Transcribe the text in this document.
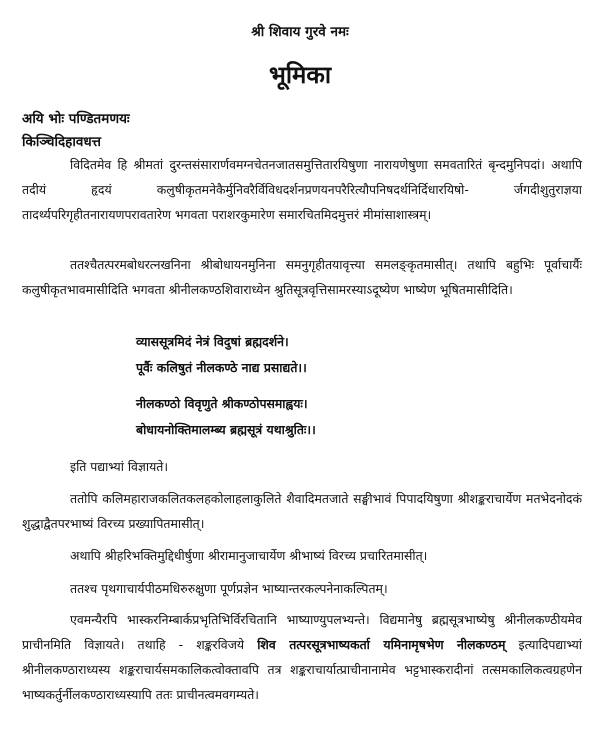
श्री शिवाय गुरवे नमः
भूमिका
अयि भोः पण्डितमणयः
किञ्चिदिहावधत्त

विदितमेव हि श्रीमतां दुरन्तसंसारार्णवमग्नचेतनजातसमुत्तितारयिषुणा नारायणेषुणा समवतारितं बृन्दमुनिपदां। अथापि तदीयं हृदयं कलुषीकृतमनेकैर्मुनिवरैर्विविधदर्शनप्रणयनपरैरित्यौपनिषदर्थनिर्दिधारयिषो- र्जगदीशुतुराज्ञया तादर्थ्यपरिगृहीतनारायणपरावतारेण भगवता पराशरकुमारेण समारचितमिदमुत्तरं मीमांसाशास्त्रम्।

ततश्चैतत्परमबोधरत्नखनिना श्रीबोधायनमुनिना समनुगृहीतयावृत्त्या समलङ्कृतमासीत्। तथापि बहुभिः पूर्वाचार्यैः कलुषीकृतभावमासीदिति भगवता श्रीनीलकण्ठशिवाराध्येन श्रुतिसूत्रवृत्तिसामरस्याऽदूष्येण भाष्येण भूषितमासीदिति।

व्याससूत्रमिदं नेत्रं विदुषां ब्रह्मदर्शने।
पूर्वैः कलिषुतं नीलकण्ठे नाद्य प्रसाद्यते।।
नीलकण्ठो विवृणुते श्रीकण्ठोपसमाह्वयः।
बोधायनोक्तिमालम्ब्य ब्रह्मसूत्रं यथाश्रुतिः।।

इति पद्याभ्यां विज्ञायते।

ततोपि कलिमहाराजकलितकलहकोलाहलाकुलिते शैवादिमतजाते सङ्घीभावं पिपादयिषुणा श्रीशङ्कराचार्येण मतभेदनोदकं शुद्धाद्वैतपरभाष्यं विरच्य प्रख्यापितमासीत्।

अथापि श्रीहरिभक्तिमुद्दिधीर्षुणा श्रीरामानुजाचार्येण श्रीभाष्यं विरच्य प्रचारितमासीत्।

ततश्च पृथगाचार्यपीठमधिरुरुक्षुणा पूर्णप्रज्ञेन भाष्यान्तरकल्पनेनाकल्पितम्।

एवमन्यैरपि भास्करनिम्बार्कप्रभृतिभिर्विरचितानि भाष्याण्युपलभ्यन्ते। विद्यमानेषु ब्रह्मसूत्रभाष्येषु श्रीनीलकण्ठीयमेव प्राचीनमिति विज्ञायते। तथाहि - शङ्करविजये शिव तत्परसूत्रभाष्यकर्ता यमिनामृषभेण नीलकण्ठम् इत्यादिपद्याभ्यां श्रीनीलकण्ठाराध्यस्य शङ्कराचार्यसमकालिकत्वोक्तावपि तत्र शङ्कराचार्यात्प्राचीनानामेव भट्टभास्करादीनां तत्समकालिकत्वग्रहणेन भाष्यकर्तुर्नीलकण्ठाराध्यस्यापि ततः प्राचीनत्वमवगम्यते।
